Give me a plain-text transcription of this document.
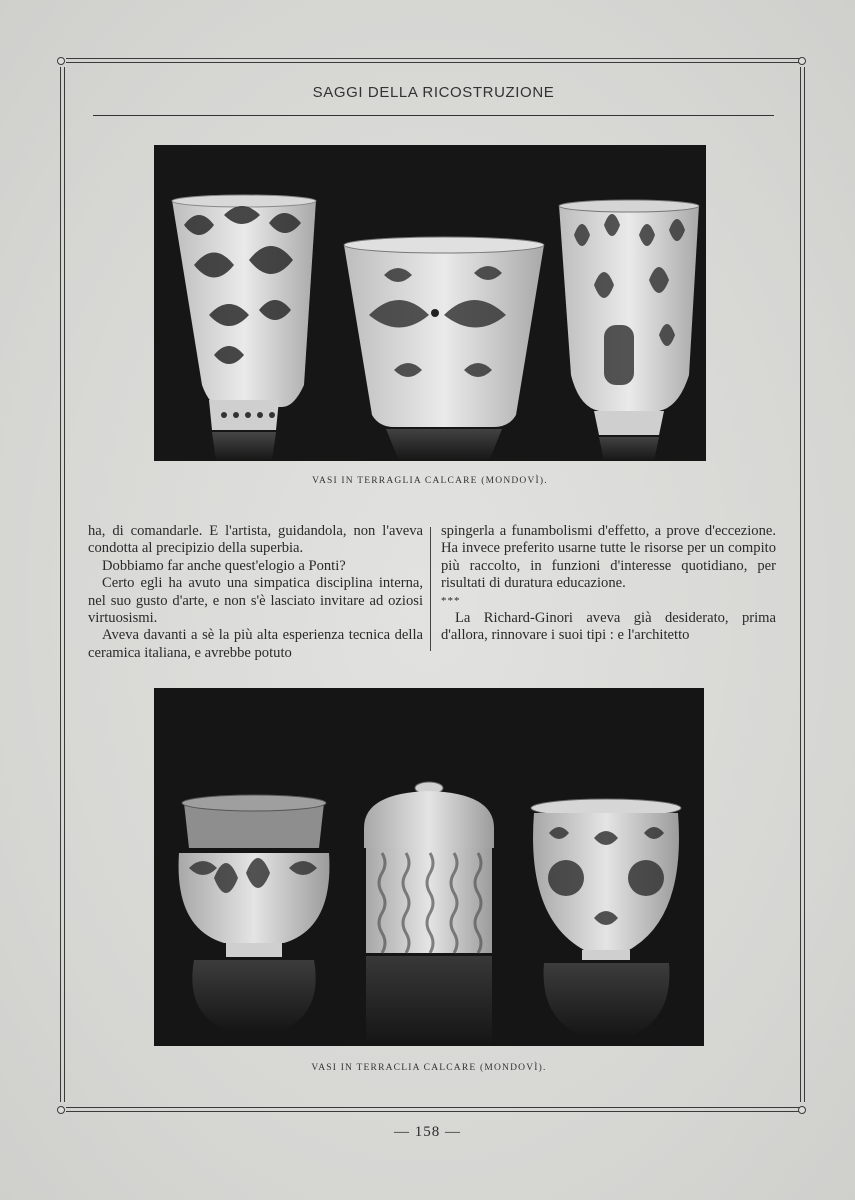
SAGGI DELLA RICOSTRUZIONE
VASI IN TERRAGLIA CALCARE (MONDOVÌ).

ha, di comandarle. E l'artista, guidandola, non l'aveva condotta al precipizio della superbia.

Dobbiamo far anche quest'elogio a Ponti?

Certo egli ha avuto una simpatica disciplina interna, nel suo gusto d'arte, e non s'è lasciato invitare ad oziosi virtuosismi.

Aveva davanti a sè la più alta esperienza tecnica della ceramica italiana, e avrebbe potuto

spingerla a funambolismi d'effetto, a prove d'eccezione. Ha invece preferito usarne tutte le risorse per un compito più raccolto, in funzioni d'interesse quotidiano, per risultati di duratura educazione.

***

La Richard-Ginori aveva già desiderato, prima d'allora, rinnovare i suoi tipi : e l'architetto

VASI IN TERRACLIA CALCARE (MONDOVÌ).
— 158 —
